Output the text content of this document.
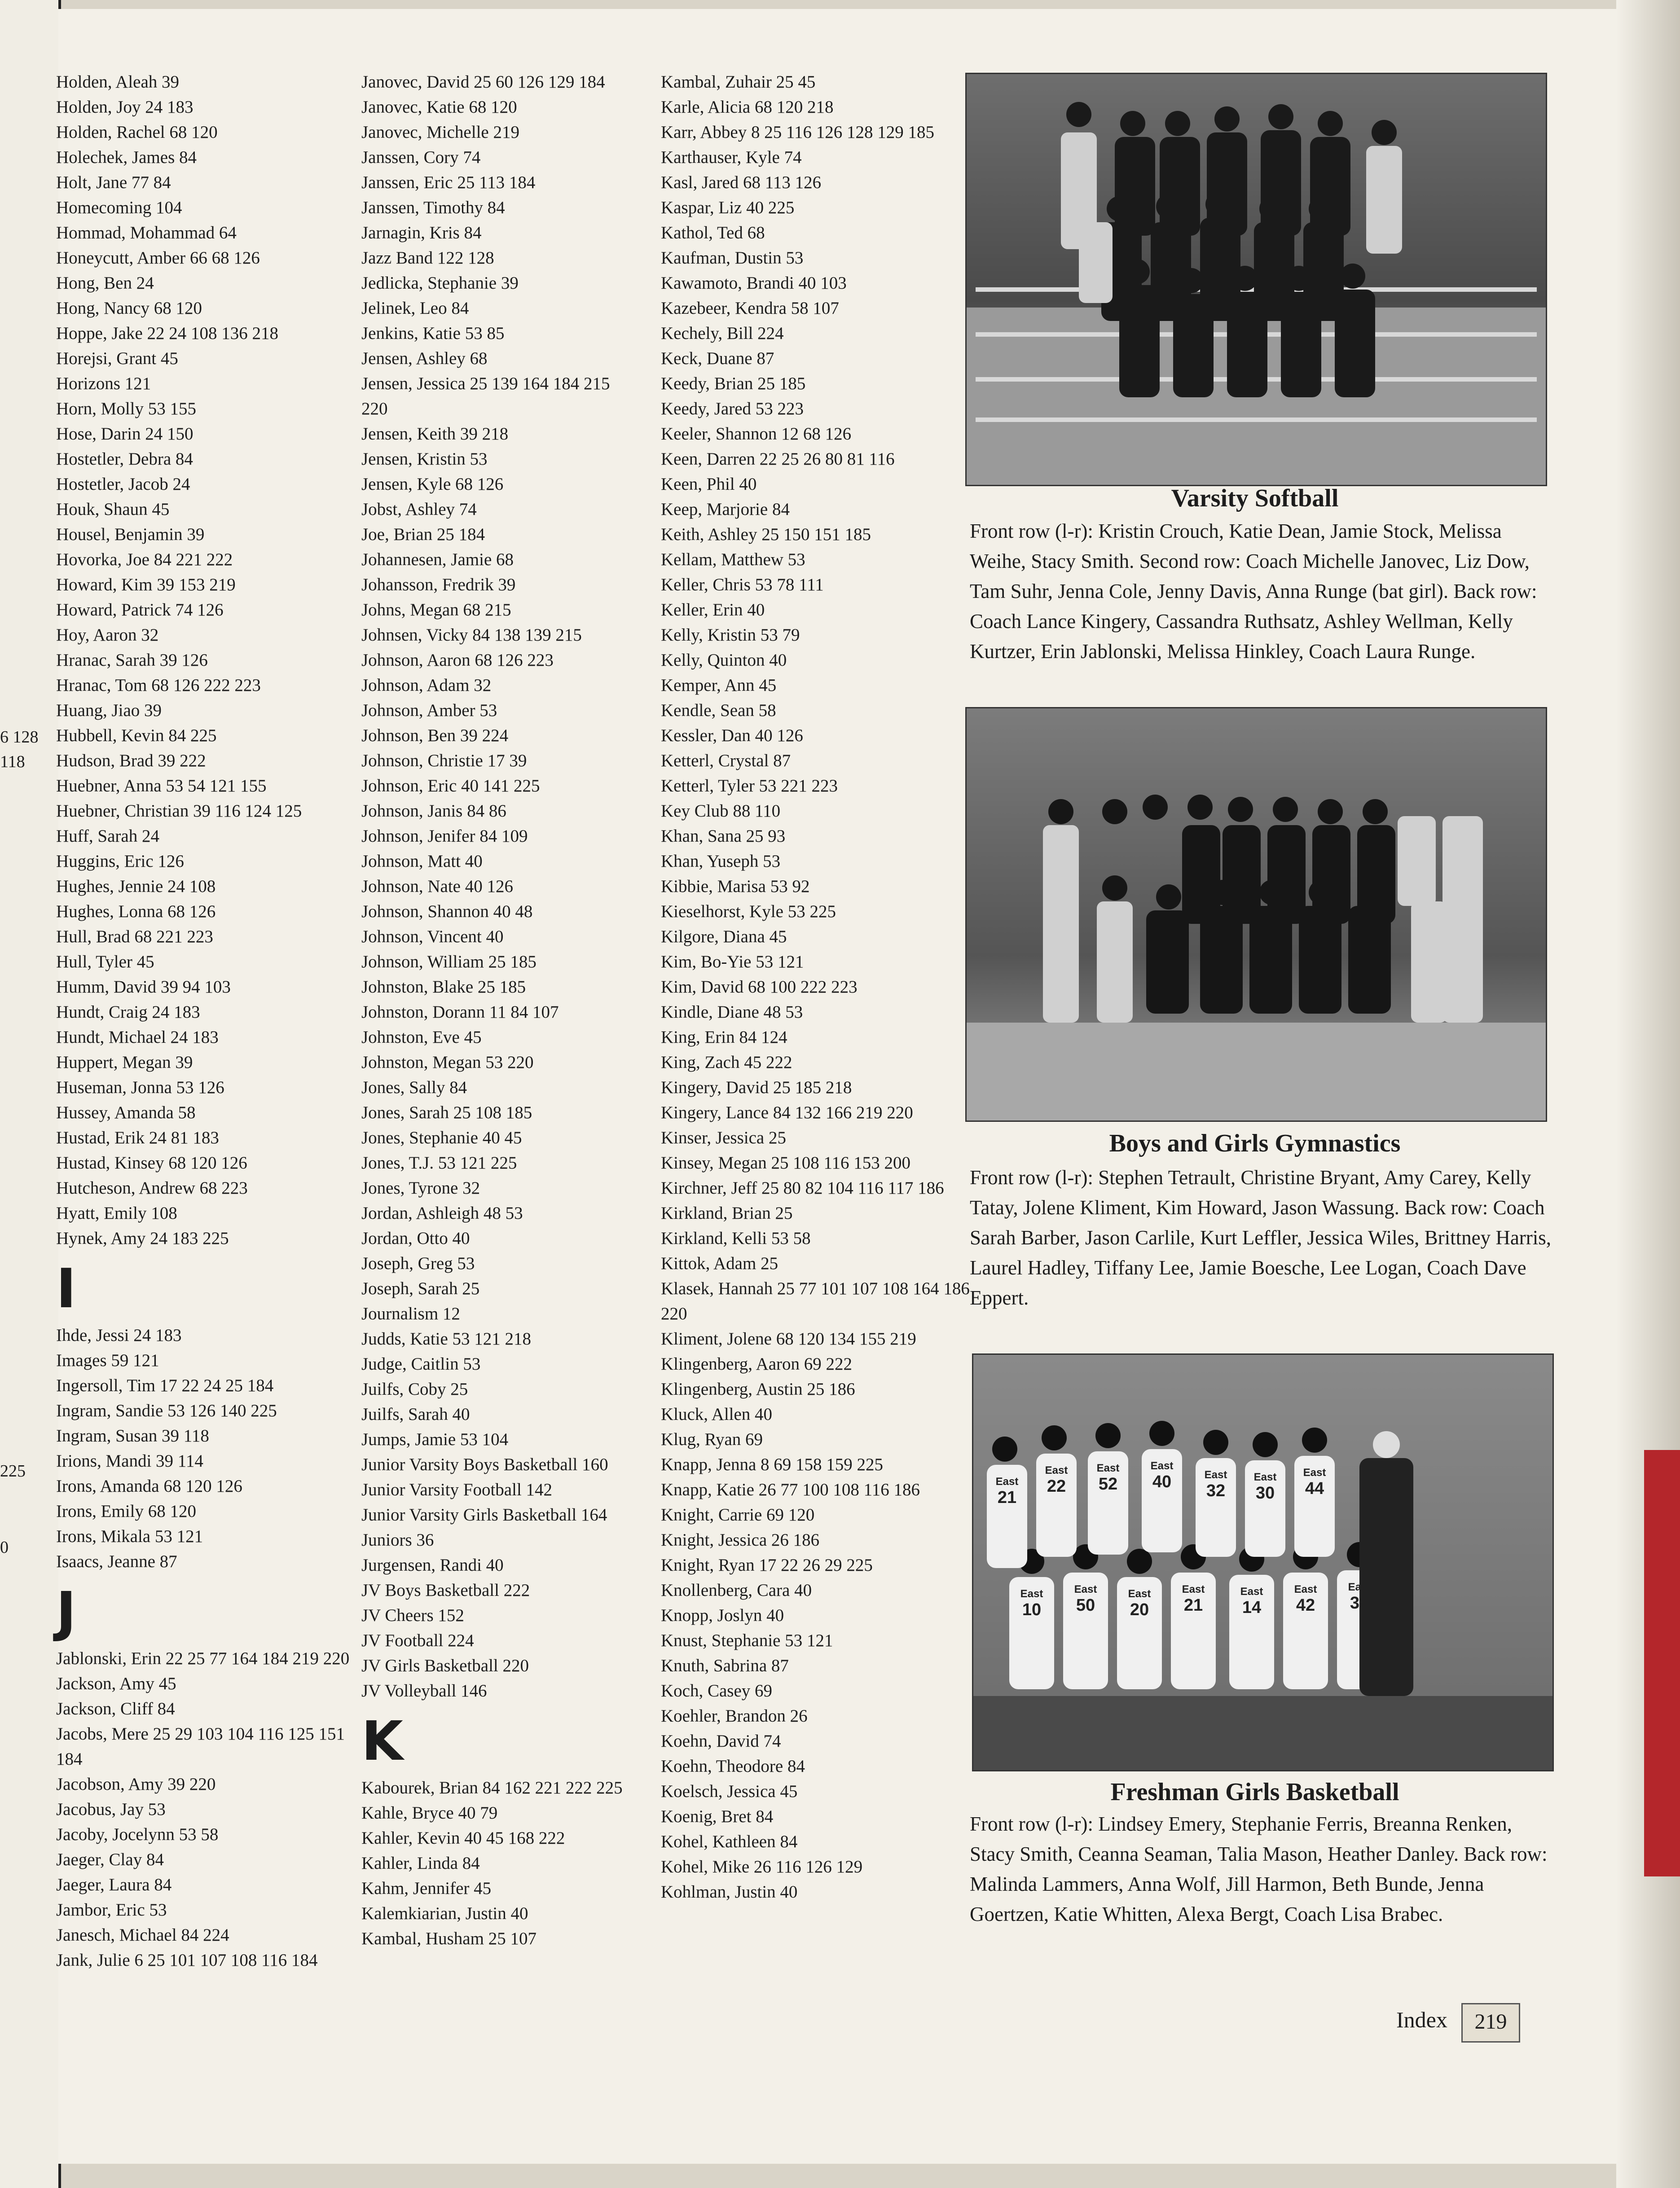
6 128
118
225
0
Holden, Aleah 39
Holden, Joy 24 183
Holden, Rachel 68 120
Holechek, James 84
Holt, Jane 77 84
Homecoming 104
Hommad, Mohammad 64
Honeycutt, Amber 66 68 126
Hong, Ben 24
Hong, Nancy 68 120
Hoppe, Jake 22 24 108 136 218
Horejsi, Grant 45
Horizons 121
Horn, Molly 53 155
Hose, Darin 24 150
Hostetler, Debra 84
Hostetler, Jacob 24
Houk, Shaun 45
Housel, Benjamin 39
Hovorka, Joe 84 221 222
Howard, Kim 39 153 219
Howard, Patrick 74 126
Hoy, Aaron 32
Hranac, Sarah 39 126
Hranac, Tom 68 126 222 223
Huang, Jiao 39
Hubbell, Kevin 84 225
Hudson, Brad 39 222
Huebner, Anna 53 54 121 155
Huebner, Christian 39 116 124 125
Huff, Sarah 24
Huggins, Eric 126
Hughes, Jennie 24 108
Hughes, Lonna 68 126
Hull, Brad 68 221 223
Hull, Tyler 45
Humm, David 39 94 103
Hundt, Craig 24 183
Hundt, Michael 24 183
Huppert, Megan 39
Huseman, Jonna 53 126
Hussey, Amanda 58
Hustad, Erik 24 81 183
Hustad, Kinsey 68 120 126
Hutcheson, Andrew 68 223
Hyatt, Emily 108
Hynek, Amy 24 183 225
I
Ihde, Jessi 24 183
Images 59 121
Ingersoll, Tim 17 22 24 25 184
Ingram, Sandie 53 126 140 225
Ingram, Susan 39 118
Irions, Mandi 39 114
Irons, Amanda 68 120 126
Irons, Emily 68 120
Irons, Mikala 53 121
Isaacs, Jeanne 87
J
Jablonski, Erin 22 25 77 164 184 219 220
Jackson, Amy 45
Jackson, Cliff 84
Jacobs, Mere 25 29 103 104 116 125 151 184
Jacobson, Amy 39 220
Jacobus, Jay 53
Jacoby, Jocelynn 53 58
Jaeger, Clay 84
Jaeger, Laura 84
Jambor, Eric 53
Janesch, Michael 84 224
Jank, Julie 6 25 101 107 108 116 184
Janovec, David 25 60 126 129 184
Janovec, Katie 68 120
Janovec, Michelle 219
Janssen, Cory 74
Janssen, Eric 25 113 184
Janssen, Timothy 84
Jarnagin, Kris 84
Jazz Band 122 128
Jedlicka, Stephanie 39
Jelinek, Leo 84
Jenkins, Katie 53 85
Jensen, Ashley 68
Jensen, Jessica 25 139 164 184 215 220
Jensen, Keith 39 218
Jensen, Kristin 53
Jensen, Kyle 68 126
Jobst, Ashley 74
Joe, Brian 25 184
Johannesen, Jamie 68
Johansson, Fredrik 39
Johns, Megan 68 215
Johnsen, Vicky 84 138 139 215
Johnson, Aaron 68 126 223
Johnson, Adam 32
Johnson, Amber 53
Johnson, Ben 39 224
Johnson, Christie 17 39
Johnson, Eric 40 141 225
Johnson, Janis 84 86
Johnson, Jenifer 84 109
Johnson, Matt 40
Johnson, Nate 40 126
Johnson, Shannon 40 48
Johnson, Vincent 40
Johnson, William 25 185
Johnston, Blake 25 185
Johnston, Dorann 11 84 107
Johnston, Eve 45
Johnston, Megan 53 220
Jones, Sally 84
Jones, Sarah 25 108 185
Jones, Stephanie 40 45
Jones, T.J. 53 121 225
Jones, Tyrone 32
Jordan, Ashleigh 48 53
Jordan, Otto 40
Joseph, Greg 53
Joseph, Sarah 25
Journalism 12
Judds, Katie 53 121 218
Judge, Caitlin 53
Juilfs, Coby 25
Juilfs, Sarah 40
Jumps, Jamie 53 104
Junior Varsity Boys Basketball 160
Junior Varsity Football 142
Junior Varsity Girls Basketball 164
Juniors 36
Jurgensen, Randi 40
JV Boys Basketball 222
JV Cheers 152
JV Football 224
JV Girls Basketball 220
JV Volleyball 146
K
Kabourek, Brian 84 162 221 222 225
Kahle, Bryce 40 79
Kahler, Kevin 40 45 168 222
Kahler, Linda 84
Kahm, Jennifer 45
Kalemkiarian, Justin 40
Kambal, Husham 25 107
Kambal, Zuhair 25 45
Karle, Alicia 68 120 218
Karr, Abbey 8 25 116 126 128 129 185
Karthauser, Kyle 74
Kasl, Jared 68 113 126
Kaspar, Liz 40 225
Kathol, Ted 68
Kaufman, Dustin 53
Kawamoto, Brandi 40 103
Kazebeer, Kendra 58 107
Kechely, Bill 224
Keck, Duane 87
Keedy, Brian 25 185
Keedy, Jared 53 223
Keeler, Shannon 12 68 126
Keen, Darren 22 25 26 80 81 116
Keen, Phil 40
Keep, Marjorie 84
Keith, Ashley 25 150 151 185
Kellam, Matthew 53
Keller, Chris 53 78 111
Keller, Erin 40
Kelly, Kristin 53 79
Kelly, Quinton 40
Kemper, Ann 45
Kendle, Sean 58
Kessler, Dan 40 126
Ketterl, Crystal 87
Ketterl, Tyler 53 221 223
Key Club 88 110
Khan, Sana 25 93
Khan, Yuseph 53
Kibbie, Marisa 53 92
Kieselhorst, Kyle 53 225
Kilgore, Diana 45
Kim, Bo-Yie 53 121
Kim, David 68 100 222 223
Kindle, Diane 48 53
King, Erin 84 124
King, Zach 45 222
Kingery, David 25 185 218
Kingery, Lance 84 132 166 219 220
Kinser, Jessica 25
Kinsey, Megan 25 108 116 153 200
Kirchner, Jeff 25 80 82 104 116 117 186
Kirkland, Brian 25
Kirkland, Kelli 53 58
Kittok, Adam 25
Klasek, Hannah 25 77 101 107 108 164 186 220
Kliment, Jolene 68 120 134 155 219
Klingenberg, Aaron 69 222
Klingenberg, Austin 25 186
Kluck, Allen 40
Klug, Ryan 69
Knapp, Jenna 8 69 158 159 225
Knapp, Katie 26 77 100 108 116 186
Knight, Carrie 69 120
Knight, Jessica 26 186
Knight, Ryan 17 22 26 29 225
Knollenberg, Cara 40
Knopp, Joslyn 40
Knust, Stephanie 53 121
Knuth, Sabrina 87
Koch, Casey 69
Koehler, Brandon 26
Koehn, David 74
Koehn, Theodore 84
Koelsch, Jessica 45
Koenig, Bret 84
Kohel, Kathleen 84
Kohel, Mike 26 116 126 129
Kohlman, Justin 40
Varsity Softball
Front row (l-r): Kristin Crouch, Katie Dean, Jamie Stock, Melissa Weihe, Stacy Smith. Second row: Coach Michelle Janovec, Liz Dow, Tam Suhr, Jenna Cole, Jenny Davis, Anna Runge (bat girl). Back row: Coach Lance Kingery, Cassandra Ruthsatz, Ashley Wellman, Kelly Kurtzer, Erin Jablonski, Melissa Hinkley, Coach Laura Runge.
Boys and Girls Gymnastics
Front row (l-r): Stephen Tetrault, Christine Bryant, Amy Carey, Kelly Tatay, Jolene Kliment, Kim Howard, Jason Wassung. Back row: Coach Sarah Barber, Jason Carlile, Kurt Leffler, Jessica Wiles, Brittney Harris, Laurel Hadley, Tiffany Lee, Jamie Boesche, Lee Logan, Coach Dave Eppert.
East
21
East
22
East
52
East
40	East
32
East
30
East
44
East
10
East
50
East
20
East
21
East
14
East
42
East
34
Freshman Girls Basketball
Front row (l-r): Lindsey Emery, Stephanie Ferris, Breanna Renken, Stacy Smith, Ceanna Seaman, Talia Mason, Heather Danley. Back row: Malinda Lammers, Anna Wolf, Jill Harmon, Beth Bunde, Jenna Goertzen, Katie Whitten, Alexa Bergt, Coach Lisa Brabec.
Index	219
